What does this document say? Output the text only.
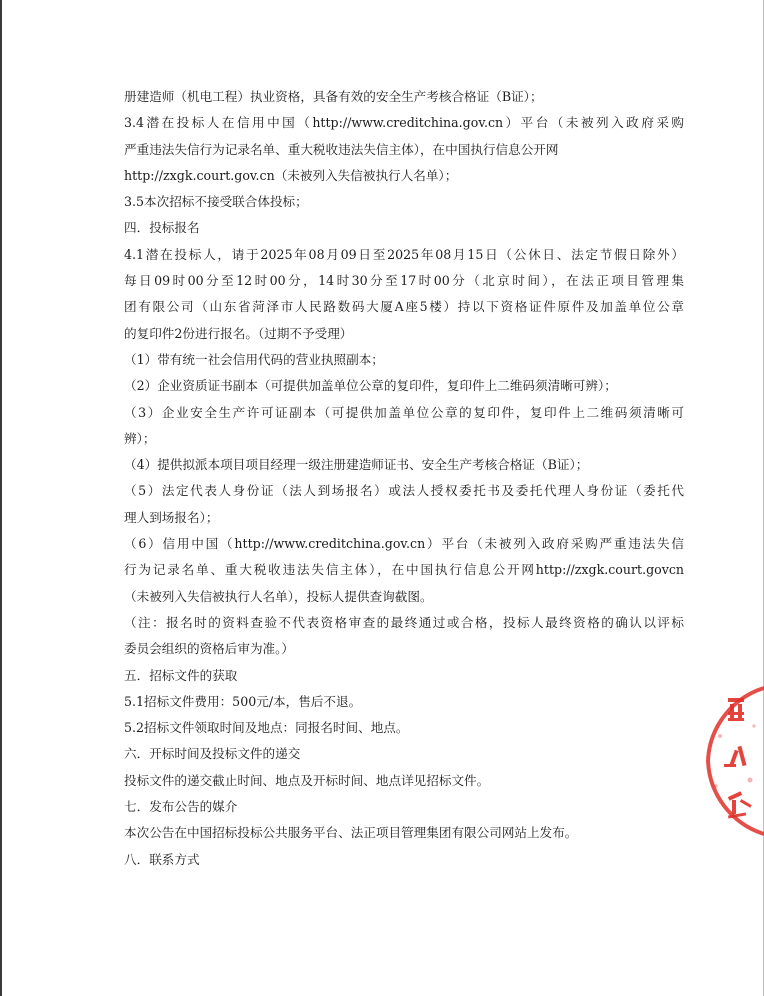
册建造师（机电工程）执业资格，具备有效的安全生产考核合格证（B证）；
3.4潜在投标人在信用中国（http://www.creditchina.gov.cn）平台（未被列入政府采购
严重违法失信行为记录名单、重大税收违法失信主体），在中国执行信息公开网
http://zxgk.court.gov.cn（未被列入失信被执行人名单）；
3.5本次招标不接受联合体投标；
四．投标报名
4.1潜在投标人，请于2025年08月09日至2025年08月15日（公休日、法定节假日除外）
每日09时00分至12时00分，14时30分至17时00分（北京时间），在法正项目管理集
团有限公司（山东省菏泽市人民路数码大厦A座5楼）持以下资格证件原件及加盖单位公章
的复印件2份进行报名。（过期不予受理）
（1）带有统一社会信用代码的营业执照副本；
（2）企业资质证书副本（可提供加盖单位公章的复印件，复印件上二维码须清晰可辨）；
（3）企业安全生产许可证副本（可提供加盖单位公章的复印件，复印件上二维码须清晰可
辨）；
（4）提供拟派本项目项目经理一级注册建造师证书、安全生产考核合格证（B证）；
（5）法定代表人身份证（法人到场报名）或法人授权委托书及委托代理人身份证（委托代
理人到场报名）；
（6）信用中国（http://www.creditchina.gov.cn）平台（未被列入政府采购严重违法失信
行为记录名单、重大税收违法失信主体），在中国执行信息公开网http://zxgk.court.govcn
（未被列入失信被执行人名单），投标人提供查询截图。
（注：报名时的资料查验不代表资格审查的最终通过或合格，投标人最终资格的确认以评标
委员会组织的资格后审为准。）
五．招标文件的获取
5.1招标文件费用：500元/本，售后不退。
5.2招标文件领取时间及地点：同报名时间、地点。
六．开标时间及投标文件的递交
投标文件的递交截止时间、地点及开标时间、地点详见招标文件。
七．发布公告的媒介
本次公告在中国招标投标公共服务平台、法正项目管理集团有限公司网站上发布。
八．联系方式
